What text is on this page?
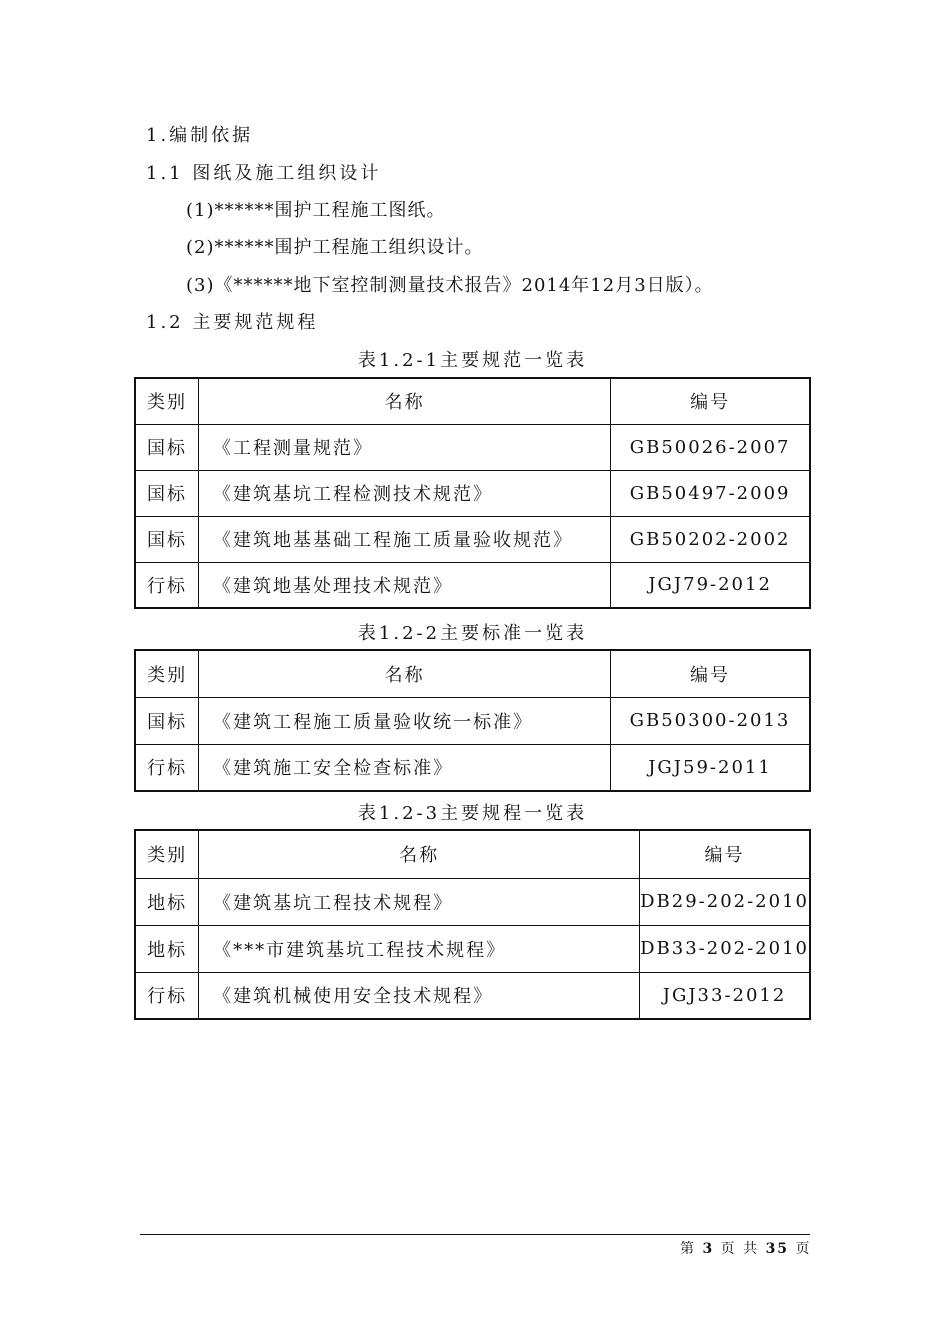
1.编制依据
1.1 图纸及施工组织设计
(1)******围护工程施工图纸。
(2)******围护工程施工组织设计。
(3)《******地下室控制测量技术报告》2014年12月3日版）。
1.2 主要规范规程
表1.2-1主要规范一览表
类别	名称	编号
国标	《工程测量规范》	GB50026-2007
国标	《建筑基坑工程检测技术规范》	GB50497-2009
国标	《建筑地基基础工程施工质量验收规范》	GB50202-2002
行标	《建筑地基处理技术规范》	JGJ79-2012
表1.2-2主要标准一览表
类别	名称	编号
国标	《建筑工程施工质量验收统一标准》	GB50300-2013
行标	《建筑施工安全检查标准》	JGJ59-2011
表1.2-3主要规程一览表
类别	名称	编号
地标	《建筑基坑工程技术规程》	DB29-202-2010
地标	《***市建筑基坑工程技术规程》	DB33-202-2010
行标	《建筑机械使用安全技术规程》	JGJ33-2012
第 3 页 共 35 页
